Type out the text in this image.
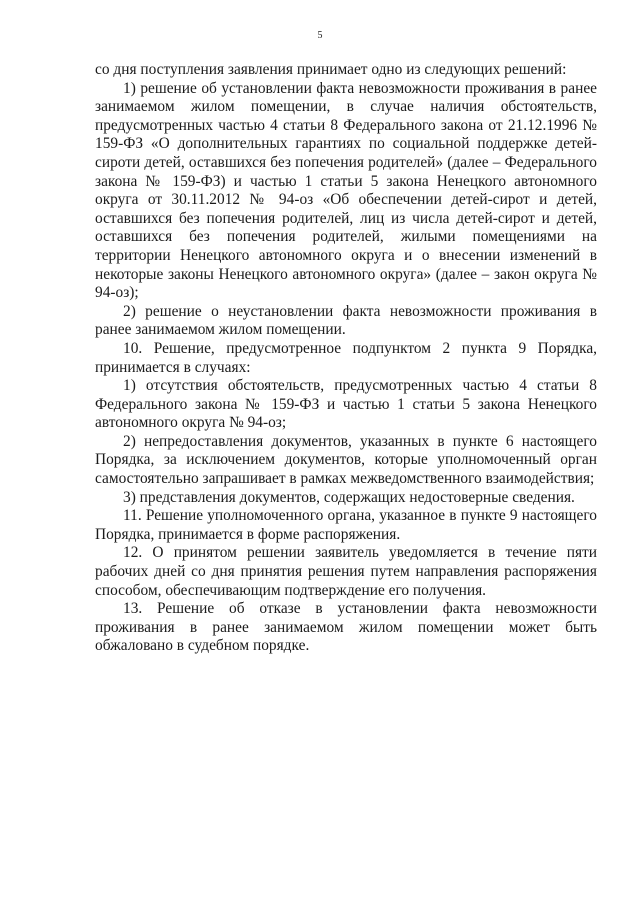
5

со дня поступления заявления принимает одно из следующих решений:

1) решение об установлении факта невозможности проживания в ранее занимаемом жилом помещении, в случае наличия обстоятельств, предусмотренных частью 4 статьи 8 Федерального закона от 21.12.1996 № 159-ФЗ «О дополнительных гарантиях по социальной поддержке детей-сироти детей, оставшихся без попечения родителей» (далее – Федерального закона № 159-ФЗ) и частью 1 статьи 5 закона Ненецкого автономного округа от 30.11.2012 № 94-оз «Об обеспечении детей-сирот и детей, оставшихся без попечения родителей, лиц из числа детей-сирот и детей, оставшихся без попечения родителей, жилыми помещениями на территории Ненецкого автономного округа и о внесении изменений в некоторые законы Ненецкого автономного округа» (далее – закон округа № 94-оз);

2) решение о неустановлении факта невозможности проживания в ранее занимаемом жилом помещении.

10. Решение, предусмотренное подпунктом 2 пункта 9 Порядка, принимается в случаях:

1) отсутствия обстоятельств, предусмотренных частью 4 статьи 8 Федерального закона № 159-ФЗ и частью 1 статьи 5 закона Ненецкого автономного округа № 94-оз;

2) непредоставления документов, указанных в пункте 6 настоящего Порядка, за исключением документов, которые уполномоченный орган самостоятельно запрашивает в рамках межведомственного взаимодействия;

3) представления документов, содержащих недостоверные сведения.

11. Решение уполномоченного органа, указанное в пункте 9 настоящего Порядка, принимается в форме распоряжения.

12. О принятом решении заявитель уведомляется в течение пяти рабочих дней со дня принятия решения путем направления распоряжения способом, обеспечивающим подтверждение его получения.

13. Решение об отказе в установлении факта невозможности проживания в ранее занимаемом жилом помещении может быть обжаловано в судебном порядке.
